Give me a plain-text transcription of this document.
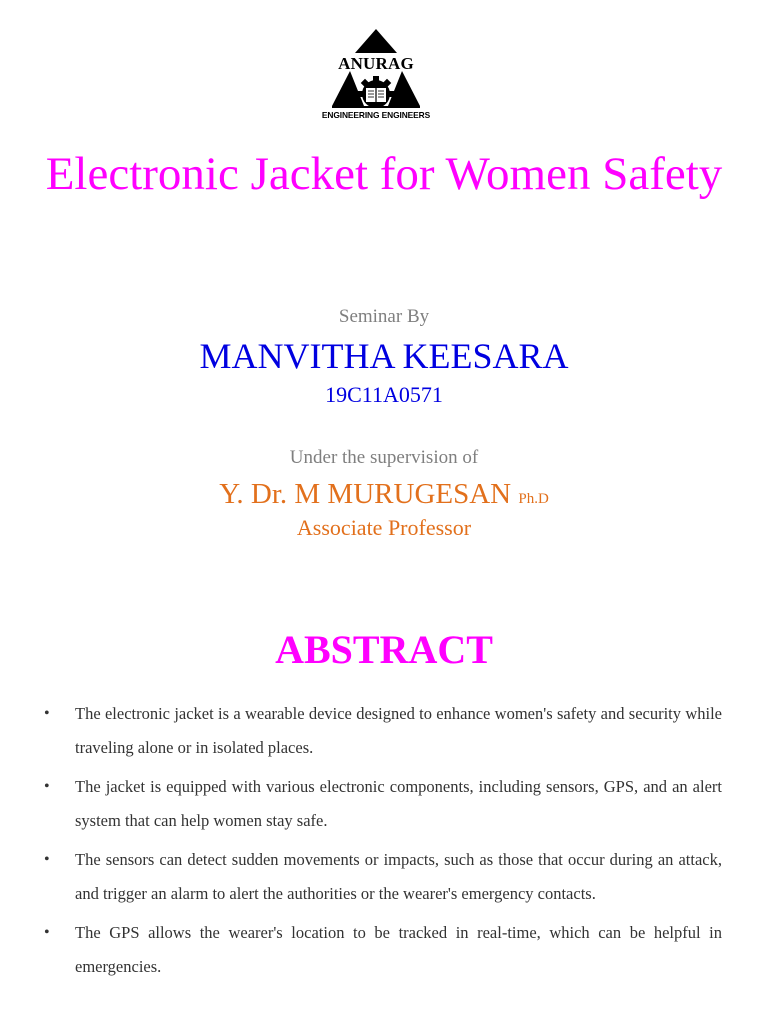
ANURAG
ENGINEERING ENGINEERS
Electronic Jacket for Women Safety
Seminar By
MANVITHA KEESARA
19C11A0571
Under the supervision of
Y. Dr. M MURUGESAN Ph.D
Associate Professor
ABSTRACT
• The electronic jacket is a wearable device designed to enhance women's safety and security while traveling alone or in isolated places.
• The jacket is equipped with various electronic components, including sensors, GPS, and an alert system that can help women stay safe.
• The sensors can detect sudden movements or impacts, such as those that occur during an attack, and trigger an alarm to alert the authorities or the wearer's emergency contacts.
• The GPS allows the wearer's location to be tracked in real-time, which can be helpful in emergencies.
